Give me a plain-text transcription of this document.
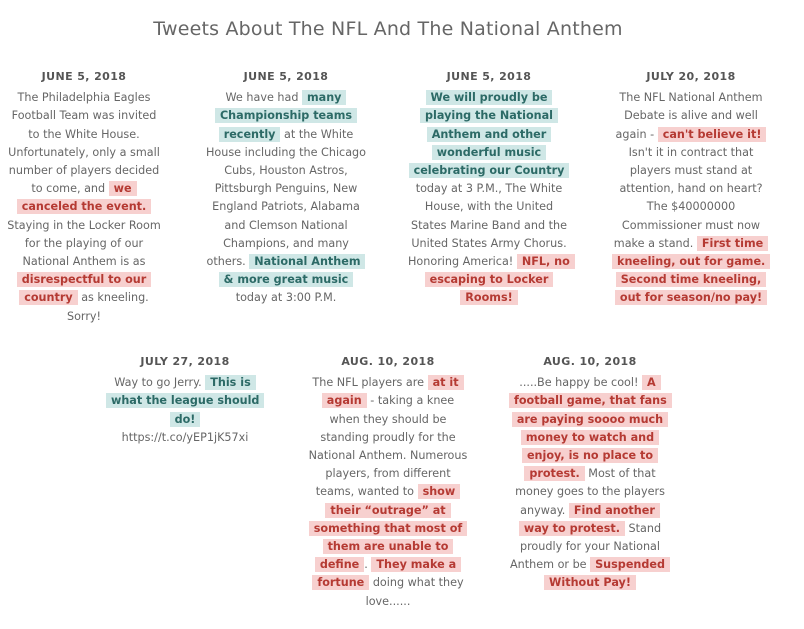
Tweets About The NFL And The National Anthem
JUNE 5, 2018
The Philadelphia Eagles Football Team was invited to the White House. Unfortunately, only a small number of players decided to come, and we canceled the event. Staying in the Locker Room for the playing of our National Anthem is as disrespectful to our country as kneeling. Sorry!
JUNE 5, 2018
We have had many Championship teams recently at the White House including the Chicago Cubs, Houston Astros, Pittsburgh Penguins, New England Patriots, Alabama and Clemson National Champions, and many others. National Anthem & more great music today at 3:00 P.M.
JUNE 5, 2018
We will proudly be playing the National Anthem and other wonderful music celebrating our Country today at 3 P.M., The White House, with the United States Marine Band and the United States Army Chorus. Honoring America! NFL, no escaping to Locker Rooms!
JULY 20, 2018
The NFL National Anthem Debate is alive and well again - can't believe it! Isn't it in contract that players must stand at attention, hand on heart? The $40000000 Commissioner must now make a stand. First time kneeling, out for game. Second time kneeling, out for season/no pay!
JULY 27, 2018
Way to go Jerry. This is what the league should do! https://t.co/yEP1jK57xi
AUG. 10, 2018
The NFL players are at it again - taking a knee when they should be standing proudly for the National Anthem. Numerous players, from different teams, wanted to show their “outrage” at something that most of them are unable to define . They make a fortune doing what they love......
AUG. 10, 2018
.....Be happy be cool! A football game, that fans are paying soooo much money to watch and enjoy, is no place to protest. Most of that money goes to the players anyway. Find another way to protest. Stand proudly for your National Anthem or be Suspended Without Pay!
